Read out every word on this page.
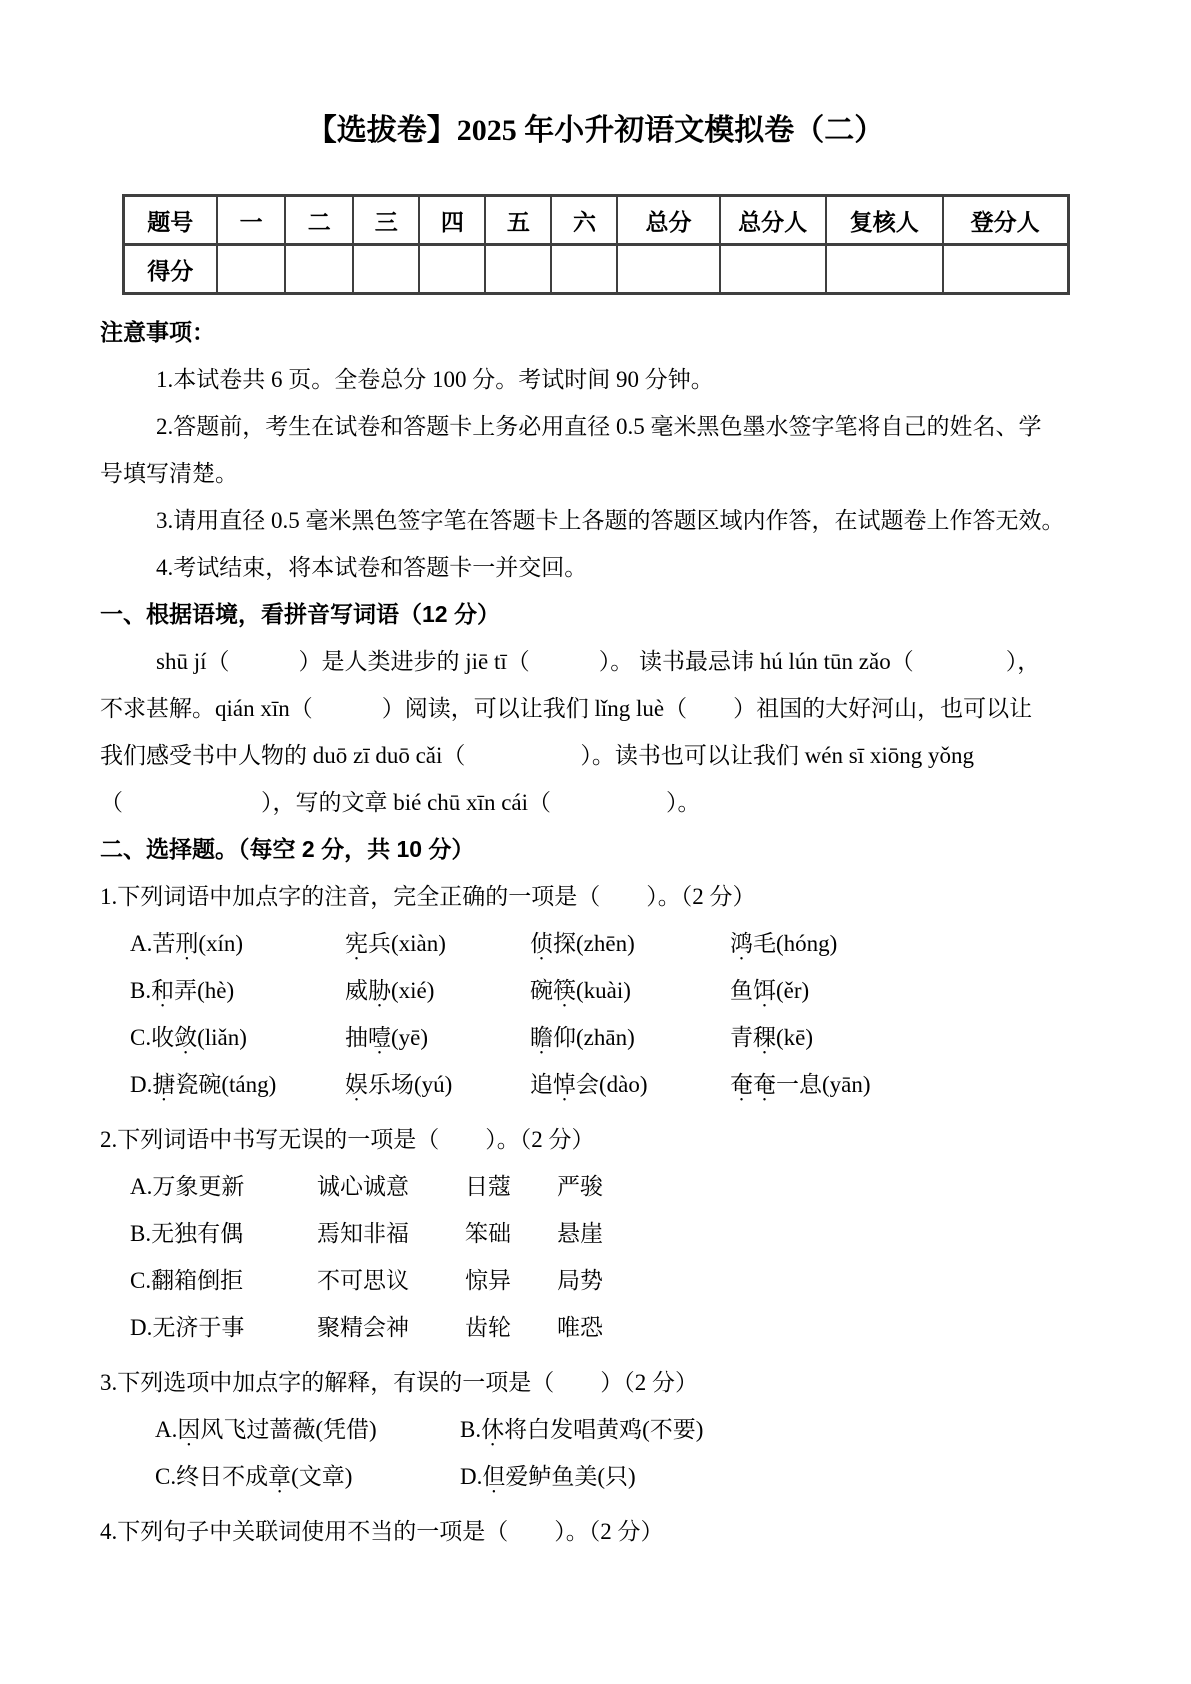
【选拔卷】2025 年小升初语文模拟卷（二）
题号	一	二	三	四	五	六	总分	总分人	复核人	登分人
得分										
注意事项：
1.本试卷共 6 页。全卷总分 100 分。考试时间 90 分钟。
2.答题前，考生在试卷和答题卡上务必用直径 0.5 毫米黑色墨水签字笔将自己的姓名、学
号填写清楚。
3.请用直径 0.5 毫米黑色签字笔在答题卡上各题的答题区域内作答，在试题卷上作答无效。
4.考试结束，将本试卷和答题卡一并交回。
一、根据语境，看拼音写词语（12 分）
shū jí（　　　）是人类进步的 jiē tī（　　　）。 读书最忌讳 hú lún tūn zǎo（　　　　），
不求甚解。qián xīn（　　　）阅读，可以让我们 lǐng luè（　　）祖国的大好河山，也可以让
我们感受书中人物的 duō zī duō cǎi（　　　　　）。读书也可以让我们 wén sī xiōng yǒng
（　　　　　　），写的文章 bié chū xīn cái（　　　　　）。
二、选择题。（每空 2 分，共 10 分）
1.下列词语中加点字的注音，完全正确的一项是（　　）。（2 分）
A.苦刑(xín)	宪兵(xiàn)	侦探(zhēn)	鸿毛(hóng)
B.和弄(hè)	威胁(xié)	碗筷(kuài)	鱼饵(ěr)
C.收敛(liǎn)	抽噎(yē)	瞻仰(zhān)	青稞(kē)
D.搪瓷碗(táng)	娱乐场(yú)	追悼会(dào)	奄奄一息(yān)
2.下列词语中书写无误的一项是（　　）。（2 分）
A.万象更新	诚心诚意	日蔻	严骏
B.无独有偶	焉知非福	笨础	悬崖
C.翻箱倒拒	不可思议	惊异	局势
D.无济于事	聚精会神	齿轮	唯恐
3.下列选项中加点字的解释，有误的一项是（　　）（2 分）
A.因风飞过蔷薇(凭借)	B.休将白发唱黄鸡(不要)
C.终日不成章(文章)	D.但爱鲈鱼美(只)
4.下列句子中关联词使用不当的一项是（　　）。（2 分）
